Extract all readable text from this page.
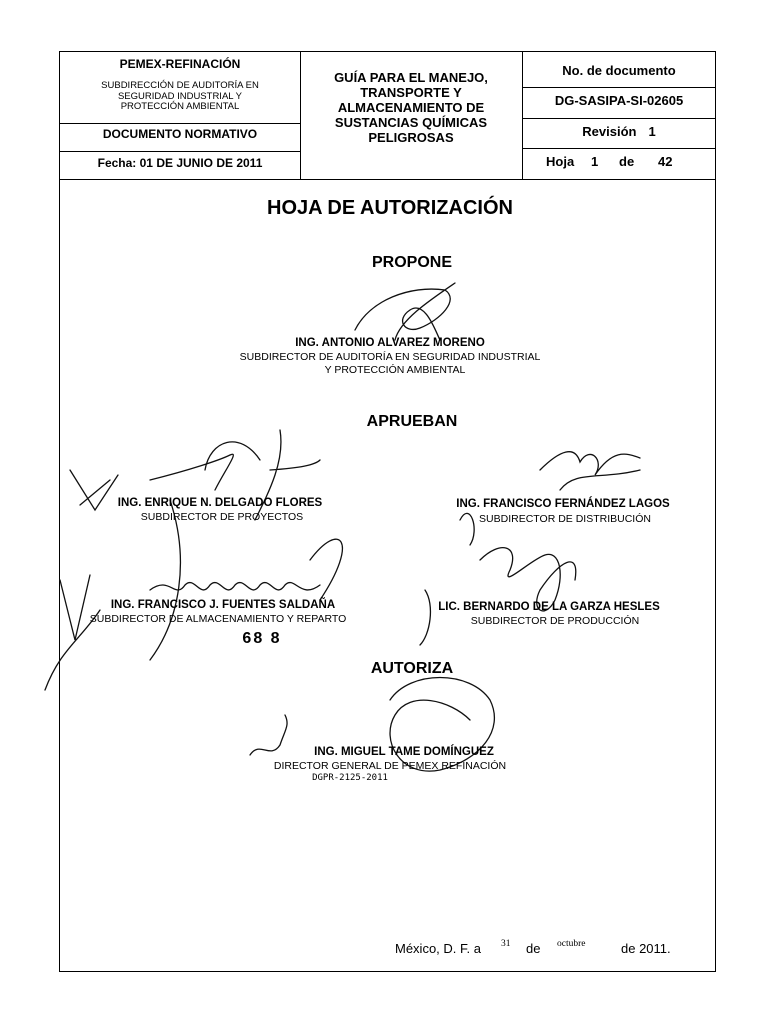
PEMEX-REFINACIÓN
SUBDIRECCIÓN DE AUDITORÍA EN
SEGURIDAD INDUSTRIAL Y
PROTECCIÓN AMBIENTAL
DOCUMENTO NORMATIVO
Fecha: 01 DE JUNIO DE 2011
GUÍA PARA EL MANEJO,
TRANSPORTE Y
ALMACENAMIENTO DE
SUSTANCIAS QUÍMICAS
PELIGROSAS
No. de documento
DG-SASIPA-SI-02605
Revisión 1
Hoja 1 de 42
HOJA DE AUTORIZACIÓN
PROPONE
ING. ANTONIO ALVAREZ MORENO
SUBDIRECTOR DE AUDITORÍA EN SEGURIDAD INDUSTRIAL
Y PROTECCIÓN AMBIENTAL
APRUEBAN
ING. ENRIQUE N. DELGADO FLORES
SUBDIRECTOR DE PROYECTOS
ING. FRANCISCO FERNÁNDEZ LAGOS
SUBDIRECTOR DE DISTRIBUCIÓN
ING. FRANCISCO J. FUENTES SALDAÑA
SUBDIRECTOR DE ALMACENAMIENTO Y REPARTO
LIC. BERNARDO DE LA GARZA HESLES
SUBDIRECTOR DE PRODUCCIÓN
68 8
AUTORIZA
ING. MIGUEL TAME DOMÍNGUEZ
DIRECTOR GENERAL DE PEMEX REFINACIÓN
DGPR-2125-2011
México, D. F. a 31 de octubre	de 2011.
